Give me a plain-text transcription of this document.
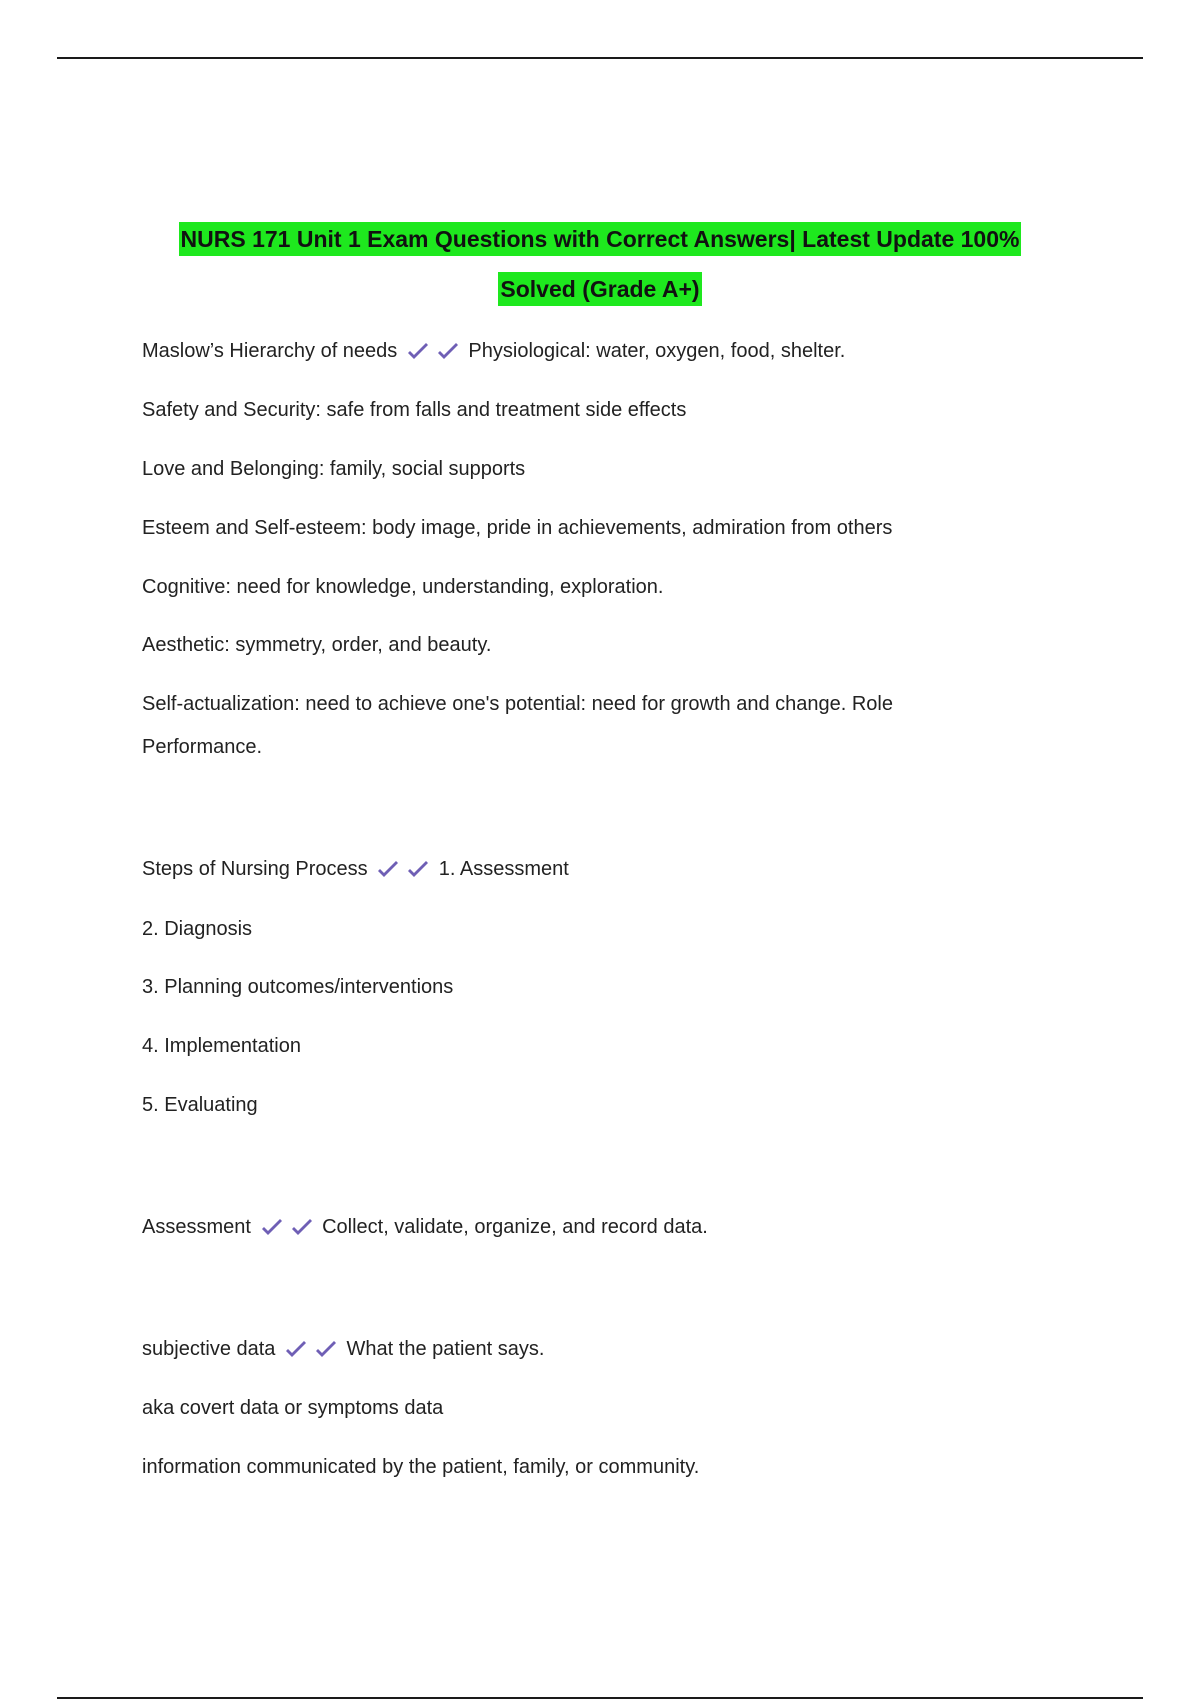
NURS 171 Unit 1 Exam Questions with Correct Answers| Latest Update 100%
Solved (Grade A+)
Maslow’s Hierarchy of needs	Physiological: water, oxygen, food, shelter.
Safety and Security: safe from falls and treatment side effects
Love and Belonging: family, social supports
Esteem and Self-esteem: body image, pride in achievements, admiration from others
Cognitive: need for knowledge, understanding, exploration.
Aesthetic: symmetry, order, and beauty.
Self-actualization: need to achieve one's potential: need for growth and change. Role Performance.
Steps of Nursing Process	1. Assessment
2. Diagnosis
3. Planning outcomes/interventions
4. Implementation
5. Evaluating
Assessment	Collect, validate, organize, and record data.
subjective data	What the patient says.
aka covert data or symptoms data
information communicated by the patient, family, or community.
